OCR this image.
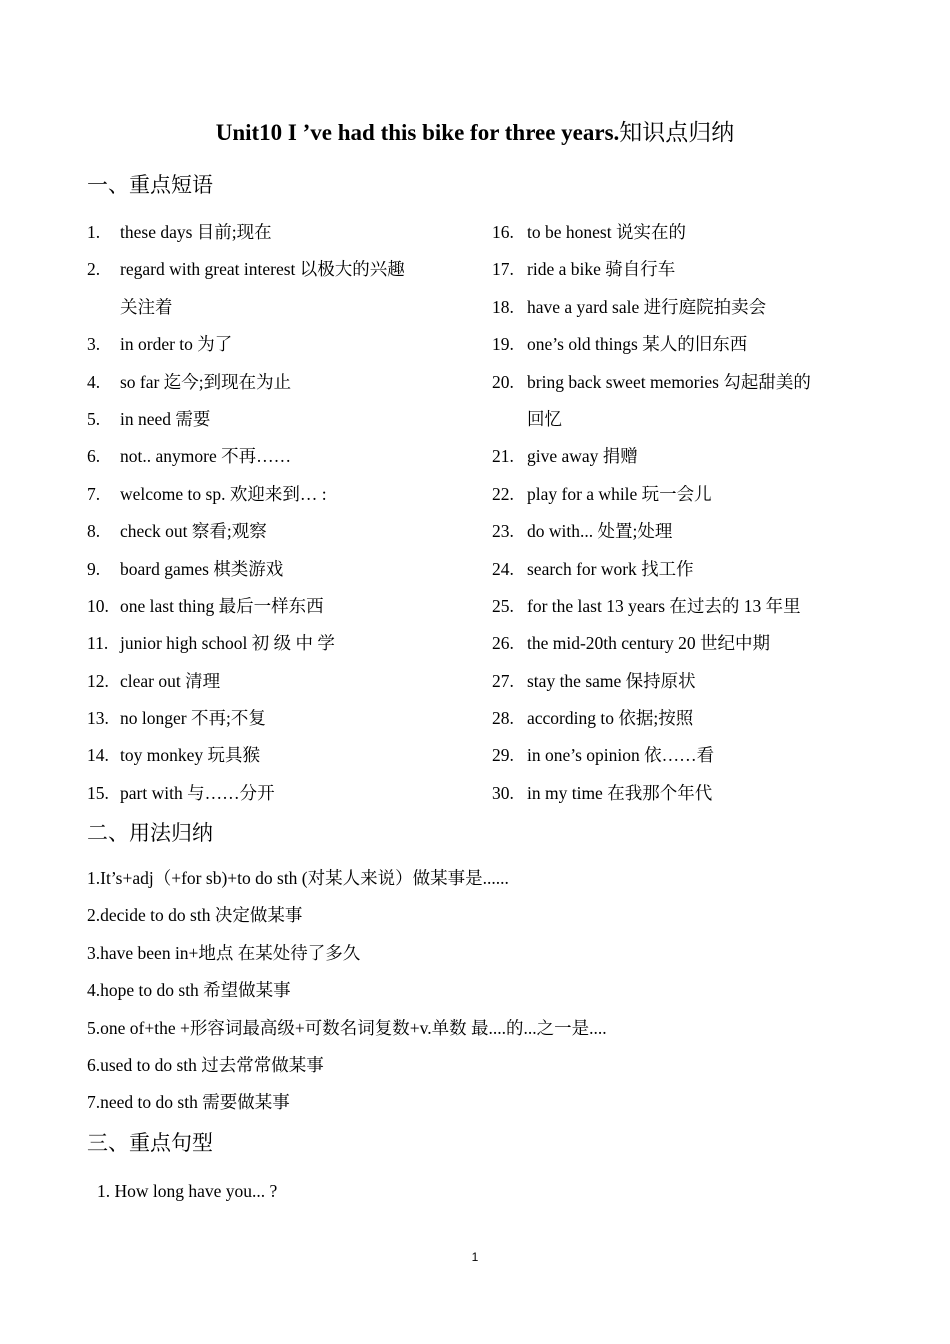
Unit10 I ’ve had this bike for three years.知识点归纳
一、重点短语
1. these days 目前;现在
2. regard with great interest 以极大的兴趣
关注着
3. in order to 为了
4. so far 迄今;到现在为止
5. in need 需要
6. not.. anymore 不再……
7. welcome to sp. 欢迎来到… :
8. check out 察看;观察
9. board games 棋类游戏
10. one last thing 最后一样东西
11. junior high school 初 级 中 学
12. clear out 清理
13. no longer 不再;不复
14. toy monkey 玩具猴
15. part with 与……分开
16. to be honest 说实在的
17. ride a bike 骑自行车
18. have a yard sale 进行庭院拍卖会
19. one’s old things 某人的旧东西
20. bring back sweet memories 勾起甜美的
回忆
21. give away 捐赠
22. play for a while 玩一会儿
23. do with... 处置;处理
24. search for work 找工作
25. for the last 13 years 在过去的 13 年里
26. the mid-20th century 20 世纪中期
27. stay the same 保持原状
28. according to 依据;按照
29. in one’s opinion 依……看
30. in my time 在我那个年代
二、用法归纳
1.It’s+adj（+for sb)+to do sth (对某人来说）做某事是......
2.decide to do sth 决定做某事
3.have been in+地点 在某处待了多久
4.hope to do sth 希望做某事
5.one of+the +形容词最高级+可数名词复数+v.单数 最....的...之一是....
6.used to do sth 过去常常做某事
7.need to do sth 需要做某事
三、重点句型
1. How long have you... ?
1
